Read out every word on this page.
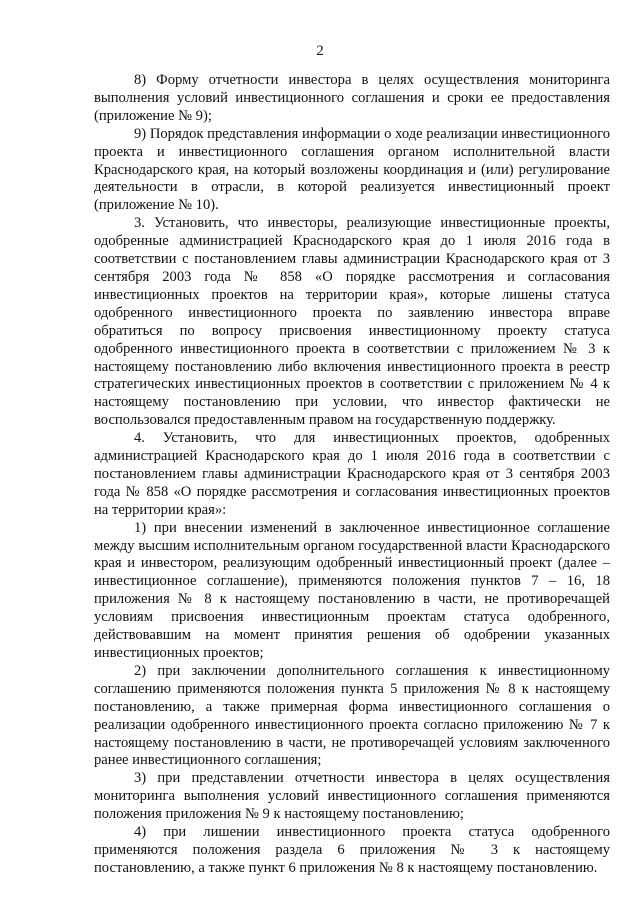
2

8) Форму отчетности инвестора в целях осуществления мониторинга выполнения условий инвестиционного соглашения и сроки ее предоставления (приложение № 9);

9) Порядок представления информации о ходе реализации инвестиционного проекта и инвестиционного соглашения органом исполнительной власти Краснодарского края, на который возложены координация и (или) регулирование деятельности в отрасли, в которой реализуется инвестиционный проект (приложение № 10).

3. Установить, что инвесторы, реализующие инвестиционные проекты, одобренные администрацией Краснодарского края до 1 июля 2016 года в соответствии с постановлением главы администрации Краснодарского края от 3 сентября 2003 года № 858 «О порядке рассмотрения и согласования инвестиционных проектов на территории края», которые лишены статуса одобренного инвестиционного проекта по заявлению инвестора вправе обратиться по вопросу присвоения инвестиционному проекту статуса одобренного инвестиционного проекта в соответствии с приложением № 3 к настоящему постановлению либо включения инвестиционного проекта в реестр стратегических инвестиционных проектов в соответствии с приложением № 4 к настоящему постановлению при условии, что инвестор фактически не воспользовался предоставленным правом на государственную поддержку.

4. Установить, что для инвестиционных проектов, одобренных администрацией Краснодарского края до 1 июля 2016 года в соответствии с постановлением главы администрации Краснодарского края от 3 сентября 2003 года № 858 «О порядке рассмотрения и согласования инвестиционных проектов на территории края»:

1) при внесении изменений в заключенное инвестиционное соглашение между высшим исполнительным органом государственной власти Краснодарского края и инвестором, реализующим одобренный инвестиционный проект (далее – инвестиционное соглашение), применяются положения пунктов 7 – 16, 18 приложения № 8 к настоящему постановлению в части, не противоречащей условиям присвоения инвестиционным проектам статуса одобренного, действовавшим на момент принятия решения об одобрении указанных инвестиционных проектов;

2) при заключении дополнительного соглашения к инвестиционному соглашению применяются положения пункта 5 приложения № 8 к настоящему постановлению, а также примерная форма инвестиционного соглашения о реализации одобренного инвестиционного проекта согласно приложению № 7 к настоящему постановлению в части, не противоречащей условиям заключенного ранее инвестиционного соглашения;

3) при представлении отчетности инвестора в целях осуществления мониторинга выполнения условий инвестиционного соглашения применяются положения приложения № 9 к настоящему постановлению;

4) при лишении инвестиционного проекта статуса одобренного применяются положения раздела 6 приложения № 3 к настоящему постановлению, а также пункт 6 приложения № 8 к настоящему постановлению.
